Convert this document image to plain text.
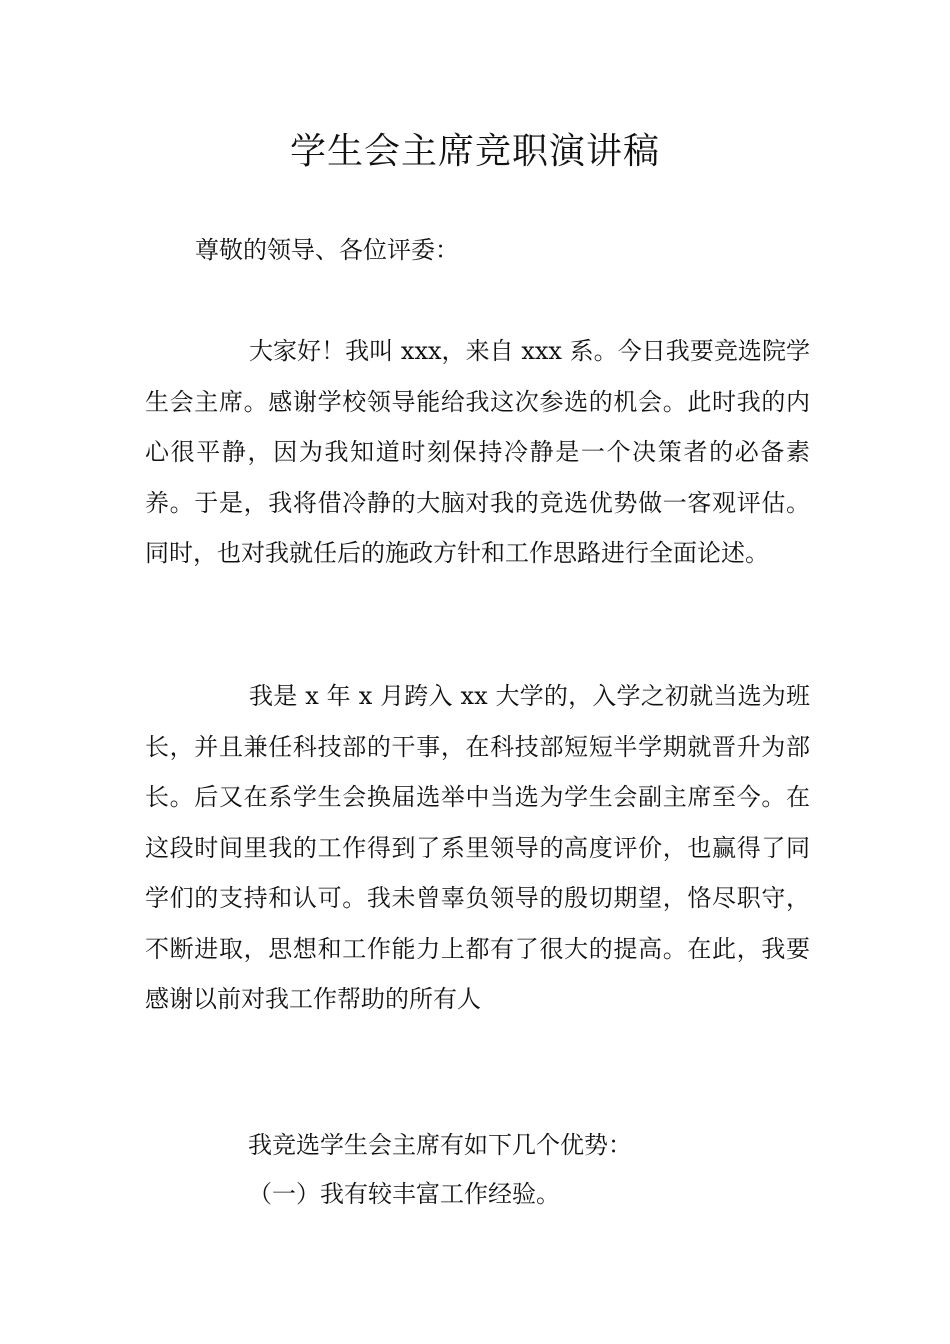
学生会主席竞职演讲稿
尊敬的领导、各位评委：

大家好！我叫 xxx，来自 xxx 系。今日我要竞选院学生会主席。感谢学校领导能给我这次参选的机会。此时我的内心很平静，因为我知道时刻保持冷静是一个决策者的必备素养。于是，我将借冷静的大脑对我的竞选优势做一客观评估。同时，也对我就任后的施政方针和工作思路进行全面论述。

我是 x 年 x 月跨入 xx 大学的，入学之初就当选为班长，并且兼任科技部的干事，在科技部短短半学期就晋升为部长。后又在系学生会换届选举中当选为学生会副主席至今。在这段时间里我的工作得到了系里领导的高度评价，也赢得了同学们的支持和认可。我未曾辜负领导的殷切期望，恪尽职守，不断进取，思想和工作能力上都有了很大的提高。在此，我要感谢以前对我工作帮助的所有人

我竞选学生会主席有如下几个优势：
（一）我有较丰富工作经验。
